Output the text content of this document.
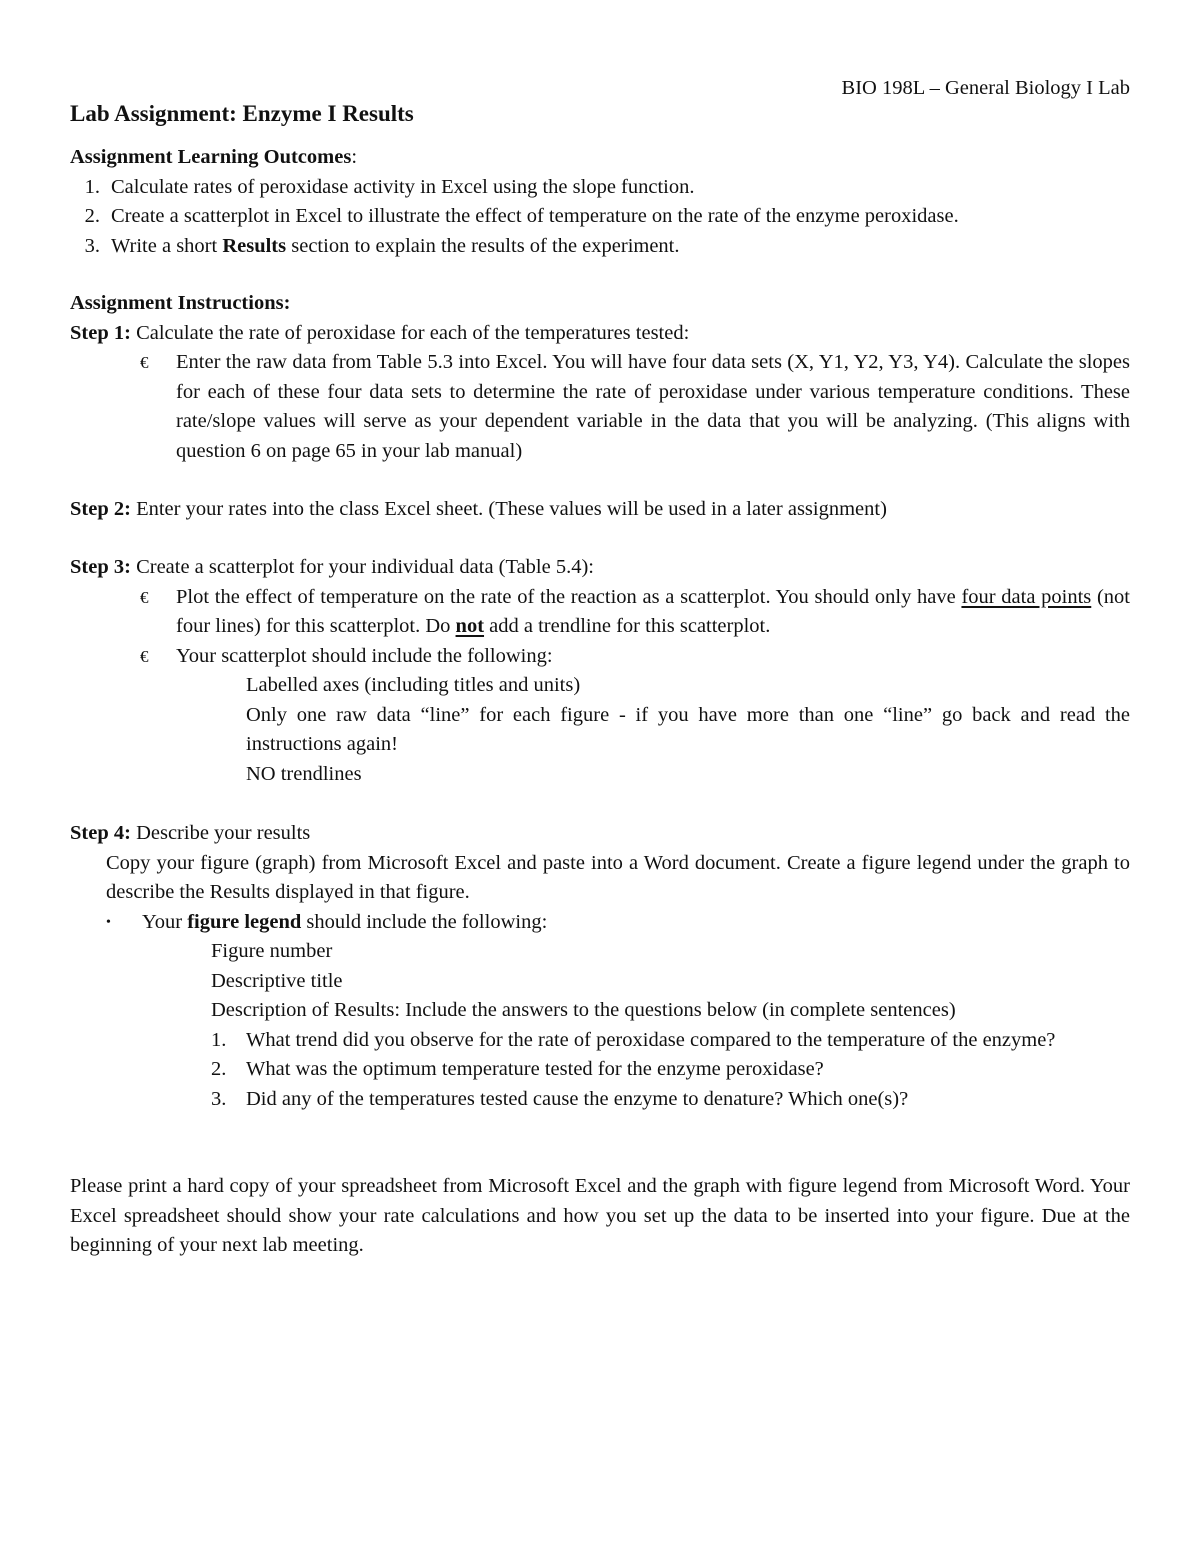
BIO 198L – General Biology I Lab
Lab Assignment: Enzyme I Results

Assignment Learning Outcomes:

1. Calculate rates of peroxidase activity in Excel using the slope function.
2. Create a scatterplot in Excel to illustrate the effect of temperature on the rate of the enzyme peroxidase.
3. Write a short Results section to explain the results of the experiment.

Assignment Instructions:

Step 1: Calculate the rate of peroxidase for each of the temperatures tested:

€ Enter the raw data from Table 5.3 into Excel. You will have four data sets (X, Y1, Y2, Y3, Y4). Calculate the slopes for each of these four data sets to determine the rate of peroxidase under various temperature conditions. These rate/slope values will serve as your dependent variable in the data that you will be analyzing. (This aligns with question 6 on page 65 in your lab manual)

Step 2: Enter your rates into the class Excel sheet. (These values will be used in a later assignment)

Step 3: Create a scatterplot for your individual data (Table 5.4):

€ Plot the effect of temperature on the rate of the reaction as a scatterplot. You should only have four data points (not four lines) for this scatterplot. Do not add a trendline for this scatterplot.

€ Your scatterplot should include the following:

Labelled axes (including titles and units)

Only one raw data “line” for each figure - if you have more than one “line” go back and read the instructions again!

NO trendlines

Step 4: Describe your results

Copy your figure (graph) from Microsoft Excel and paste into a Word document. Create a figure legend under the graph to describe the Results displayed in that figure.

• Your figure legend should include the following:

Figure number

Descriptive title

Description of Results: Include the answers to the questions below (in complete sentences)

1. What trend did you observe for the rate of peroxidase compared to the temperature of the enzyme?

2. What was the optimum temperature tested for the enzyme peroxidase?

3. Did any of the temperatures tested cause the enzyme to denature? Which one(s)?

Please print a hard copy of your spreadsheet from Microsoft Excel and the graph with figure legend from Microsoft Word. Your Excel spreadsheet should show your rate calculations and how you set up the data to be inserted into your figure. Due at the beginning of your next lab meeting.
